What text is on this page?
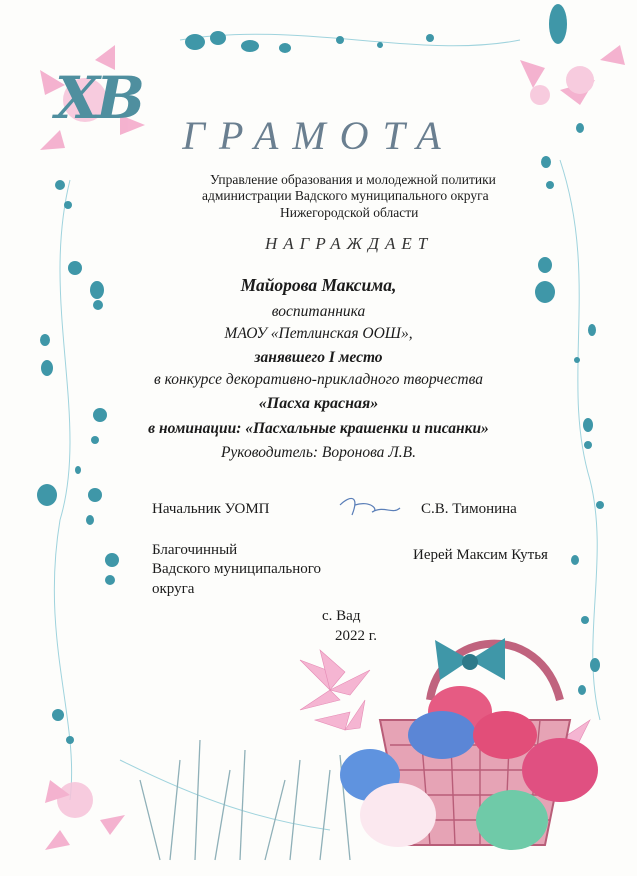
ХВ
ГРАМОТА
Управление образования и молодежной политики
администрации Вадского муниципального округа
Нижегородской области
НАГРАЖДАЕТ
Майорова Максима,
воспитанника
МАОУ «Петлинская ООШ»,
занявшего I место
в конкурсе декоративно-прикладного творчества
«Пасха красная»
в номинации: «Пасхальные крашенки и писанки»
Руководитель: Воронова Л.В.
Начальник УОМП	С.В. Тимонина
Благочинный
Вадского муниципального
округа
Иерей Максим Кутья
с. Вад
2022 г.
